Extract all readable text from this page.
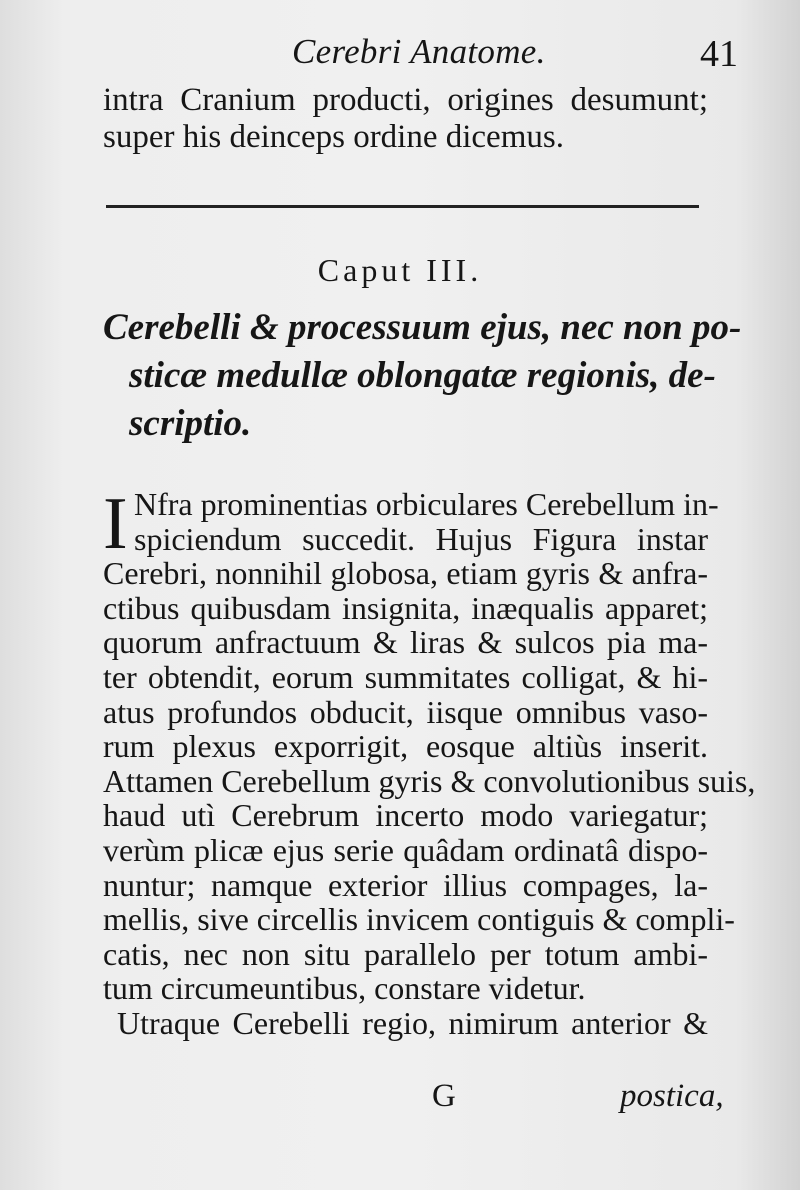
Cerebri Anatome.	41
intra Cranium producti, origines desumunt;
super his deinceps ordine dicemus.
Caput III.
Cerebelli & processuum ejus, nec non po-
sticæ medullæ oblongatæ regionis, de-
scriptio.
I Nfra prominentias orbiculares Cerebellum in-
spiciendum succedit. Hujus Figura instar
Cerebri, nonnihil globosa, etiam gyris & anfra-
ctibus quibusdam insignita, inæqualis apparet;
quorum anfractuum & liras & sulcos pia ma-
ter obtendit, eorum summitates colligat, & hi-
atus profundos obducit, iisque omnibus vaso-
rum plexus exporrigit, eosque altiùs inserit.
Attamen Cerebellum gyris & convolutionibus suis,
haud utì Cerebrum incerto modo variegatur;
verùm plicæ ejus serie quâdam ordinatâ dispo-
nuntur; namque exterior illius compages, la-
mellis, sive circellis invicem contiguis & compli-
catis, nec non situ parallelo per totum ambi-
tum circumeuntibus, constare videtur.
Utraque Cerebelli regio, nimirum anterior &
G	postica,
